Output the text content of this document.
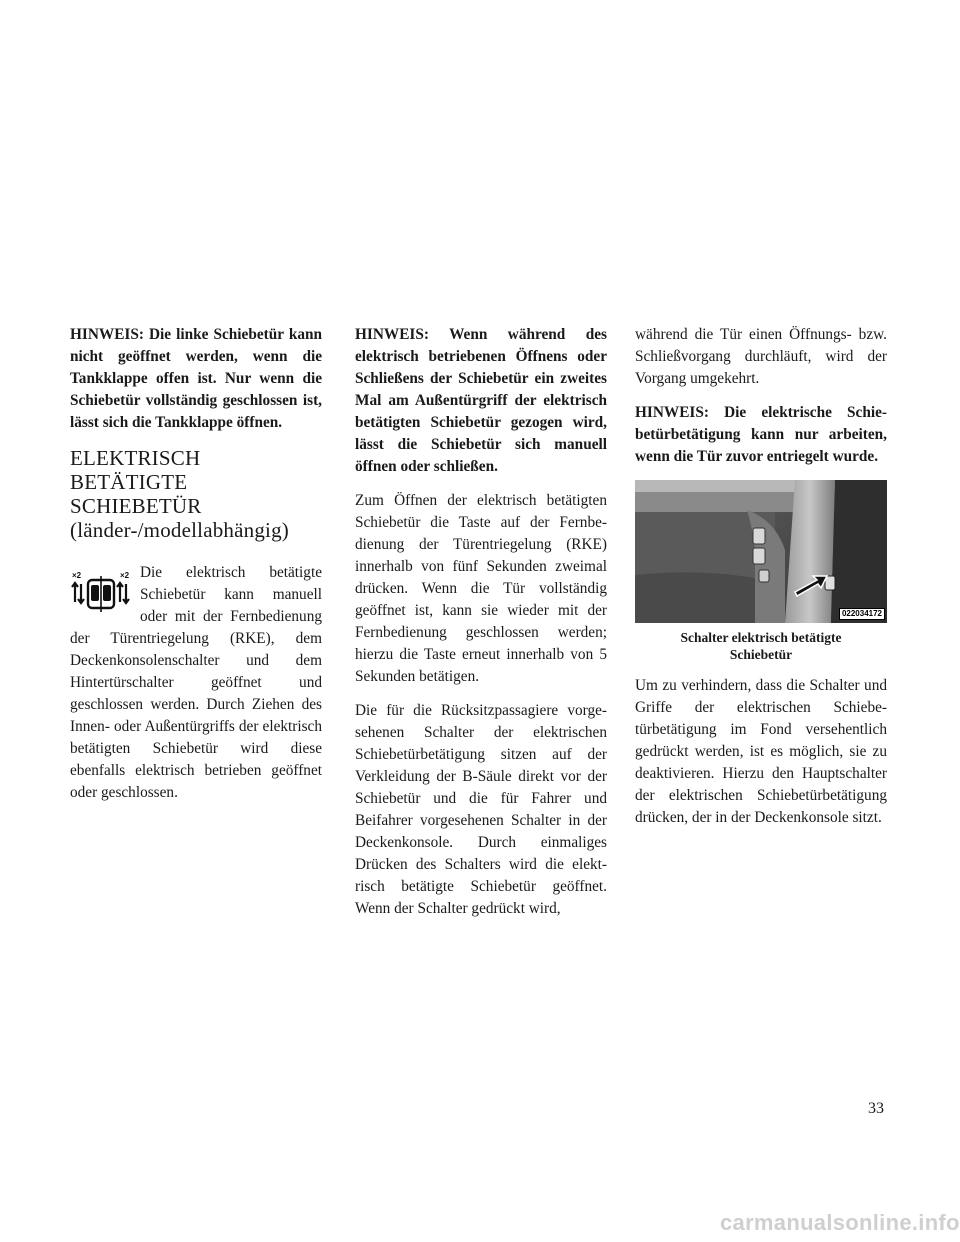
HINWEIS: Die linke Schiebetür kann nicht geöffnet werden, wenn die Tankklappe offen ist. Nur wenn die Schiebetür vollständig geschlossen ist, lässt sich die Tankklappe öffnen.

ELEKTRISCH BETÄTIGTE
SCHIEBETÜR
(länder-/modellabhängig)

×2	×2 Die elektrisch betätigte Schiebetür kann manuell oder mit der Fernbedienung der Türentriegelung (RKE), dem Deckenkonsolenschalter und dem Hintertürschalter geöffnet und geschlossen werden. Durch Ziehen des Innen- oder Außentürgriffs der elektrisch betätigten Schiebetür wird diese ebenfalls elektrisch betrieben geöffnet oder geschlossen.

HINWEIS: Wenn während des elektrisch betriebenen Öffnens oder Schließens der Schiebetür ein zweites Mal am Außentürgriff der elektrisch betätigten Schiebetür gezogen wird, lässt die Schiebetür sich manuell öffnen oder schließen.

Zum Öffnen der elektrisch betätigten Schiebetür die Taste auf der Fernbedienung der Türentriegelung (RKE) innerhalb von fünf Sekunden zweimal drücken. Wenn die Tür vollständig geöffnet ist, kann sie wieder mit der Fernbedienung geschlossen werden; hierzu die Taste erneut innerhalb von 5 Sekunden betätigen.

Die für die Rücksitzpassagiere vorgesehenen Schalter der elektrischen Schiebetürbetätigung sitzen auf der Verkleidung der B-Säule direkt vor der Schiebetür und die für Fahrer und Beifahrer vorgesehenen Schalter in der Deckenkonsole. Durch einmaliges Drücken des Schalters wird die elektrisch betätigte Schiebetür geöffnet. Wenn der Schalter gedrückt wird,

während die Tür einen Öffnungs- bzw. Schließvorgang durchläuft, wird der Vorgang umgekehrt.

HINWEIS: Die elektrische Schiebetürbetätigung kann nur arbeiten, wenn die Tür zuvor entriegelt wurde.

022034172
Schalter elektrisch betätigte
Schiebetür

Um zu verhindern, dass die Schalter und Griffe der elektrischen Schiebetürbetätigung im Fond versehentlich gedrückt werden, ist es möglich, sie zu deaktivieren. Hierzu den Hauptschalter der elektrischen Schiebetürbetätigung drücken, der in der Deckenkonsole sitzt.

33
carmanualsonline.info
